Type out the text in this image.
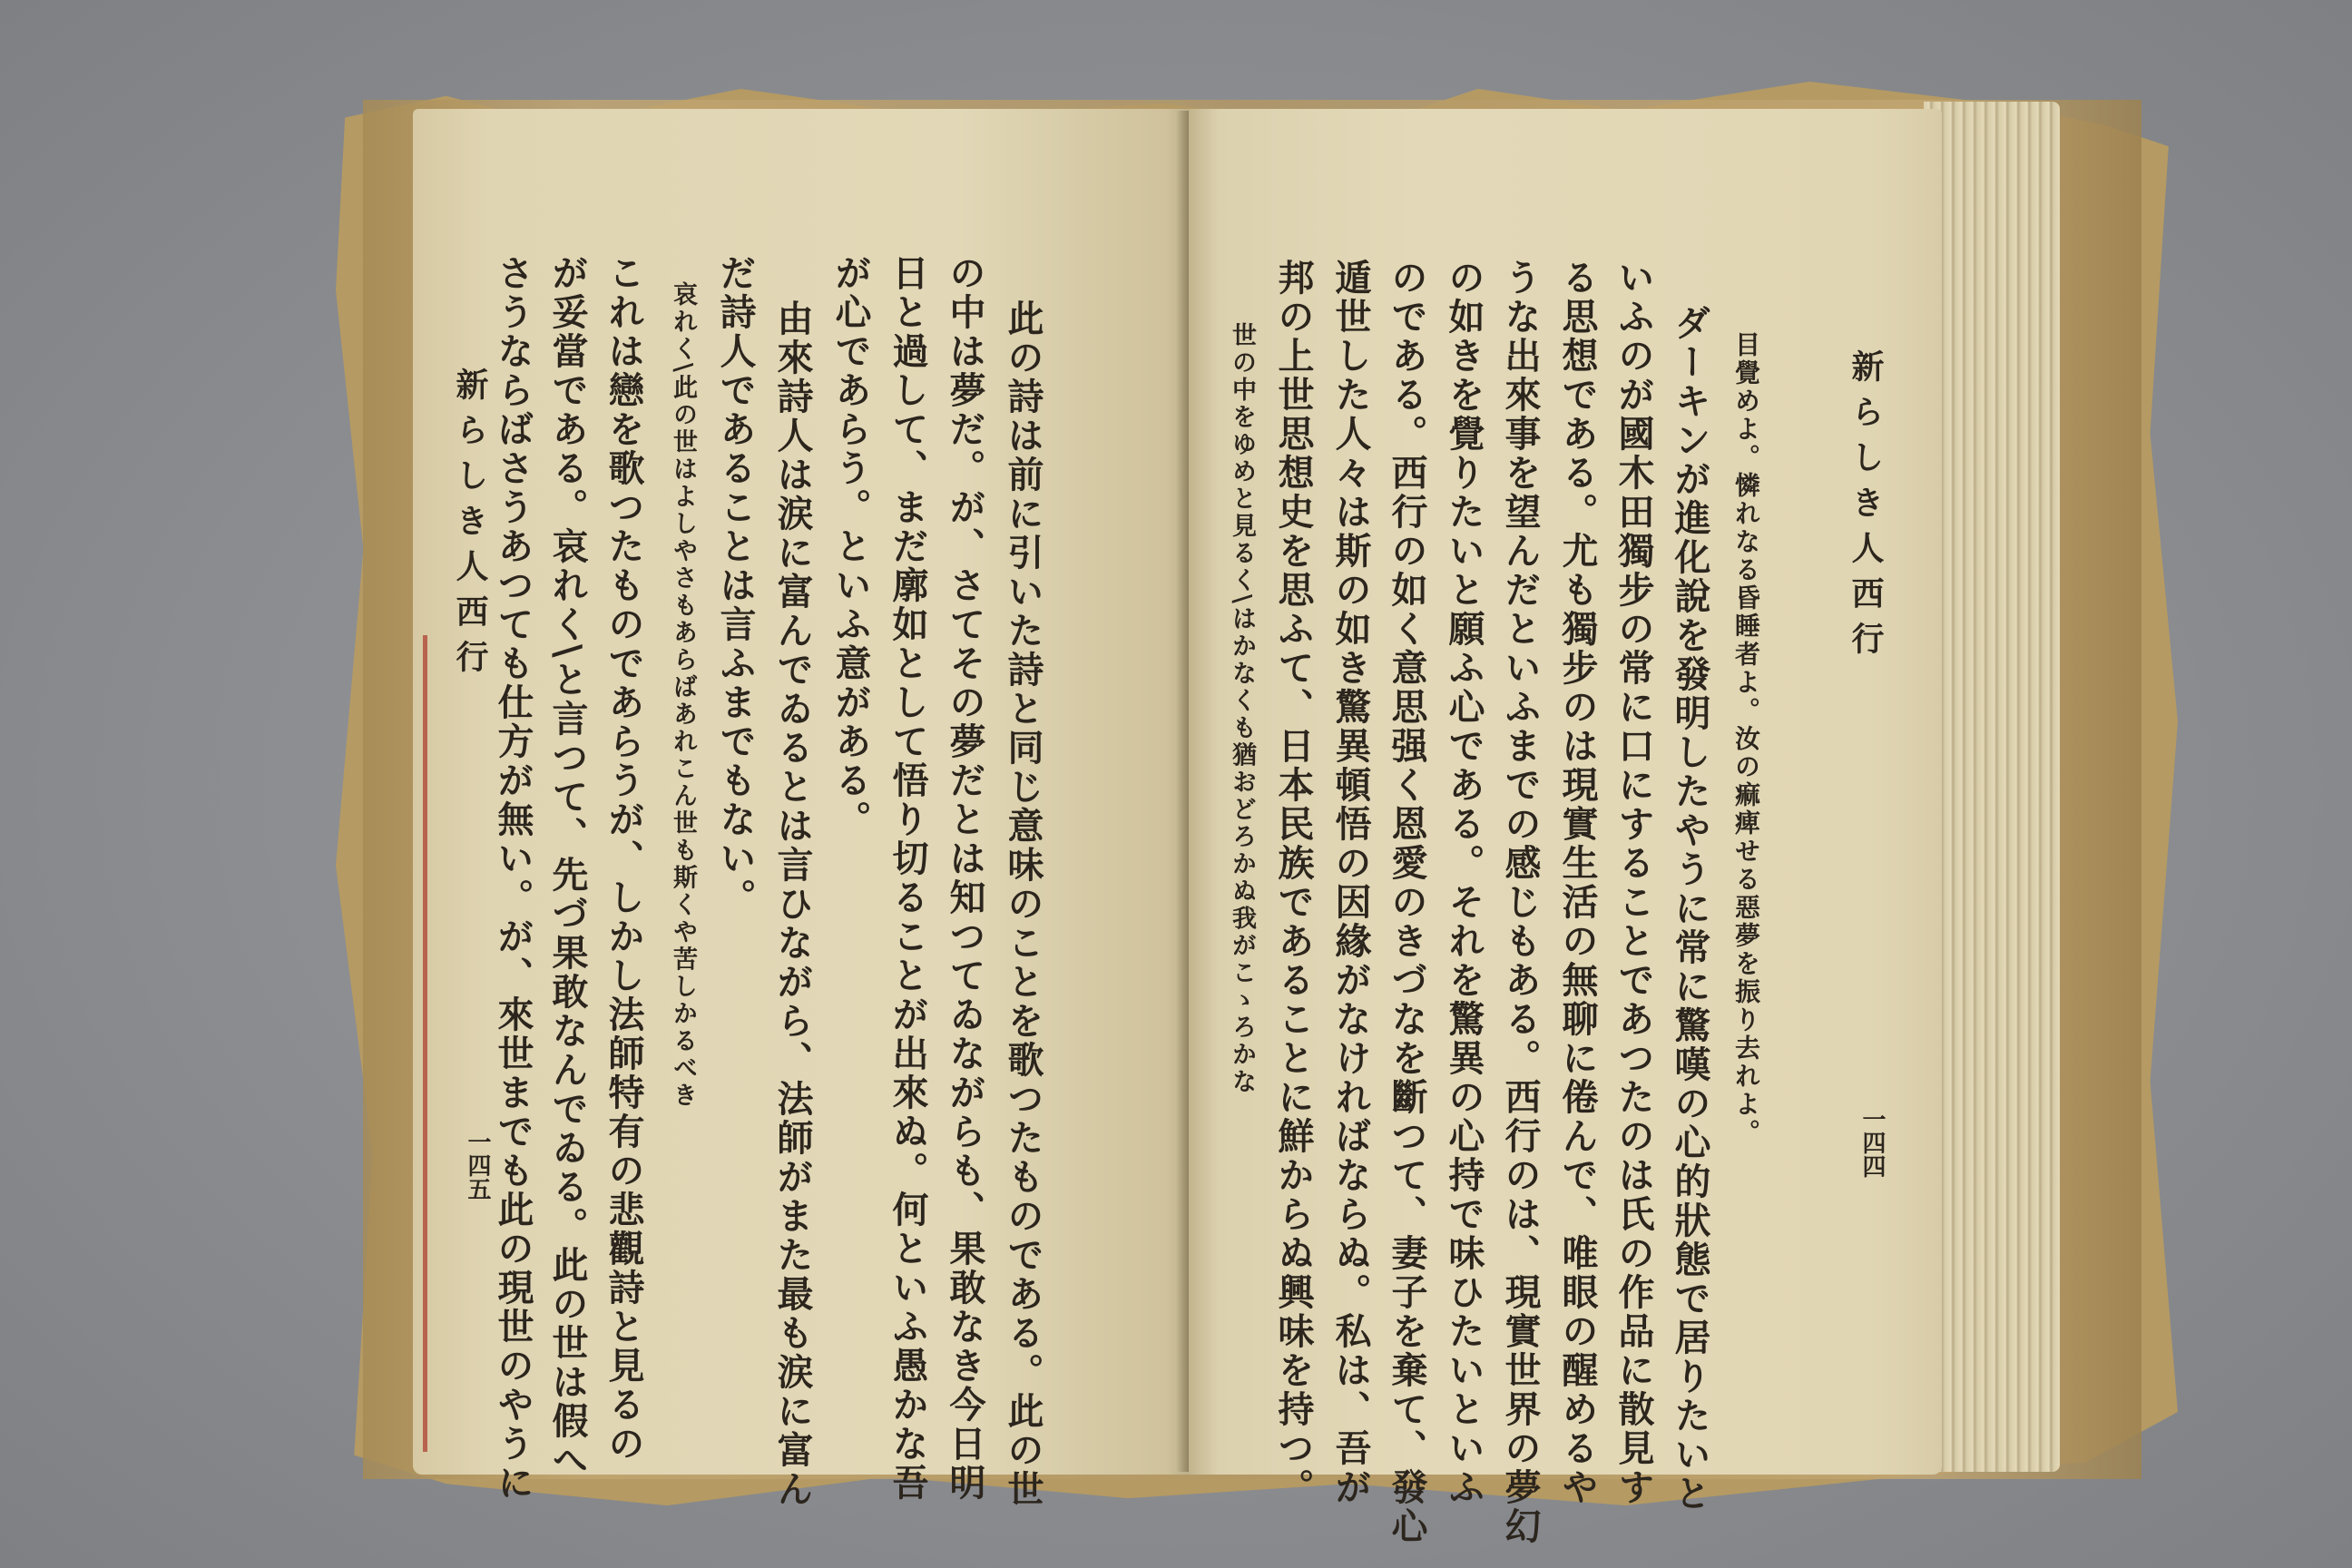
新らしき人西行 さうならばさうあつても仕方が無い。が、來世までも此の現世のやうに が妥當である。哀れく\と言つて、先づ果敢なんでゐる。此の世は假へ これは戀を歌つたものであらうが、しかし法師特有の悲觀詩と見るの 哀れく\此の世はよしやさもあらばあれこん世も斯くや苦しかるべき だ詩人であることは言ふまでもない。 由來詩人は涙に富んでゐるとは言ひながら、法師がまた最も涙に富ん が心であらう。といふ意がある。 日と過して、まだ廓如として悟り切ることが出來ぬ。何といふ愚かな吾 の中は夢だ。が、さてその夢だとは知つてゐながらも、果敢なき今日明 此の詩は前に引いた詩と同じ意味のことを歌つたものである。此の世
一四五
世の中をゆめと見るく\はかなくも猶おどろかぬ我がこゝろかな 邦の上世思想史を思ふて、日本民族であることに鮮からぬ興味を持つ。 遁世した人々は斯の如き驚異頓悟の因緣がなければならぬ。私は、吾が のである。西行の如く意思强く恩愛のきづなを斷つて、妻子を棄て、發心 の如きを覺りたいと願ふ心である。それを驚異の心持で味ひたいといふ うな出來事を望んだといふまでの感じもある。西行のは、現實世界の夢幻 る思想である。尤も獨步のは現實生活の無聊に倦んで、唯眼の醒めるや いふのが國木田獨步の常に口にすることであつたのは氏の作品に散見す ダーキンが進化說を發明したやうに常に驚嘆の心的狀態で居りたいと 目覺めよ。憐れなる昏睡者よ。汝の痲痺せる惡夢を振り去れよ。	新らしき人西行
一四四
